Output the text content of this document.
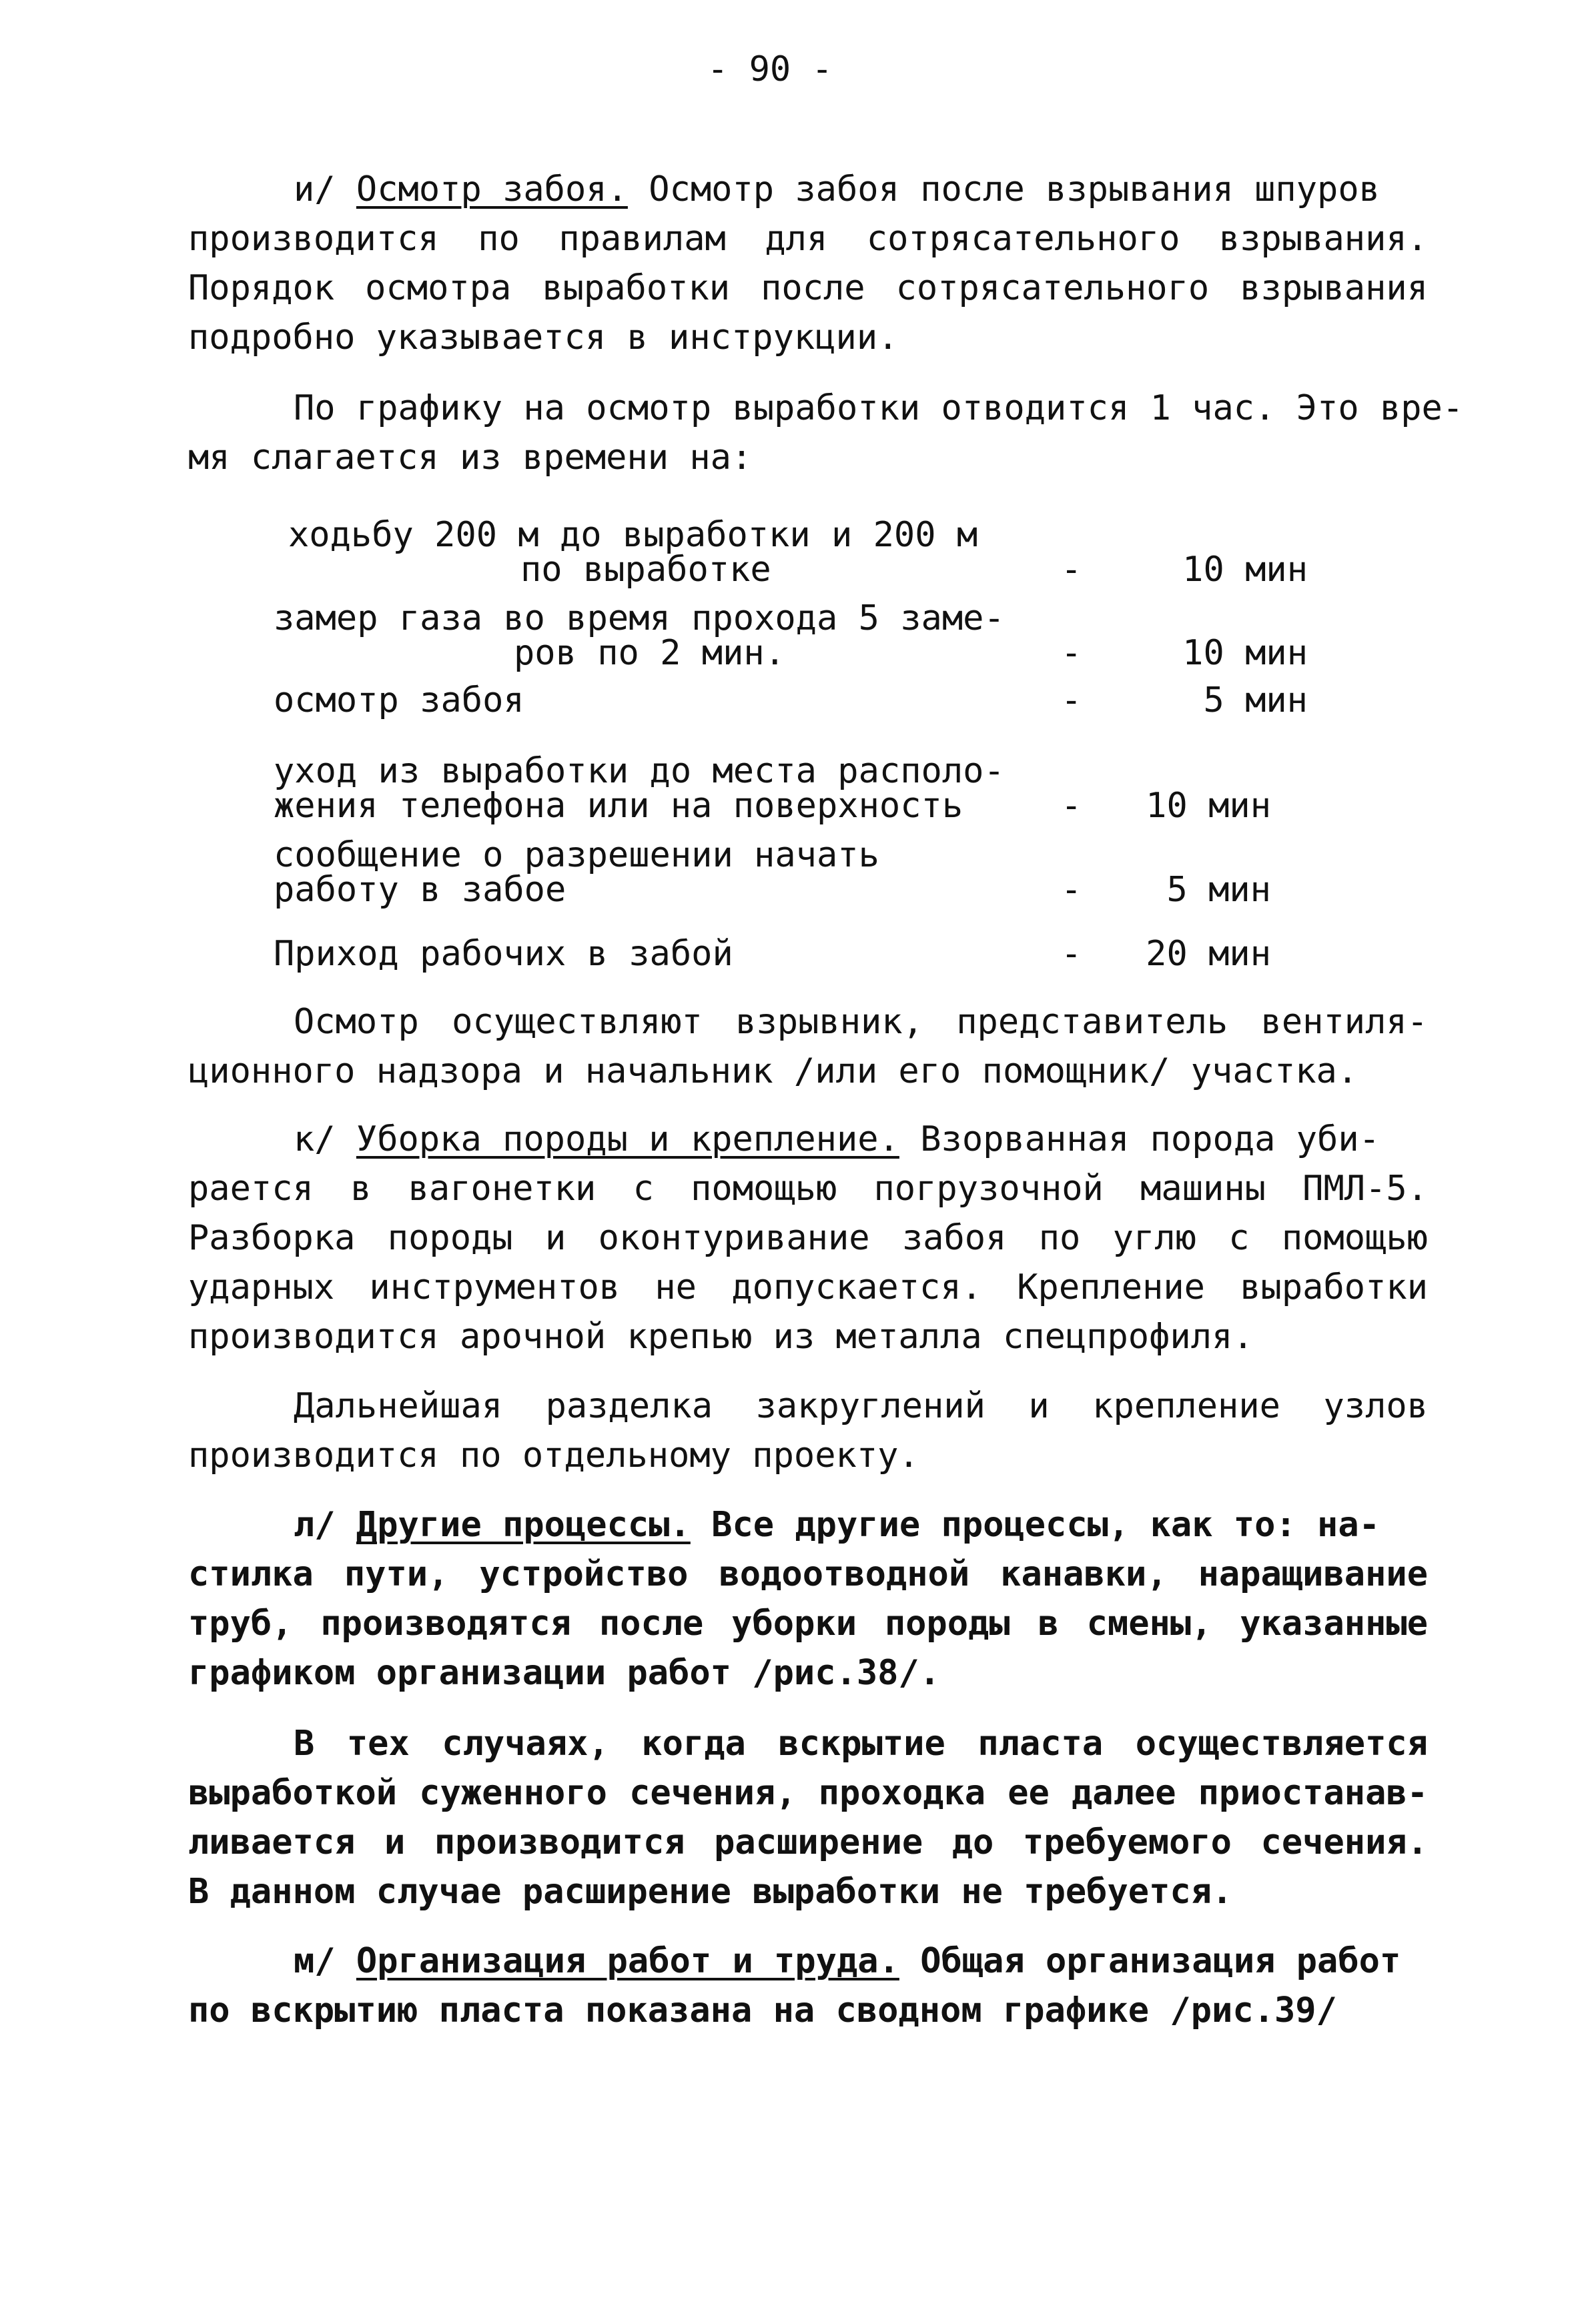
- 90 -
и/ Осмотр забоя. Осмотр забоя после взрывания шпуров
производится по правилам для сотрясательного взрывания.
Порядок осмотра выработки после сотрясательного взрывания
подробно указывается в инструкции.
По графику на осмотр выработки отводится 1 час. Это вре-
мя слагается из времени на:
ходьбу 200 м до выработки и 200 м
по выработке	-	10 мин
замер газа во время прохода 5 заме-
ров по 2 мин.	-	10 мин
осмотр забоя	-	5 мин
уход из выработки до места располо-
жения телефона или на поверхность	-	10 мин
сообщение о разрешении начать
работу в забое	-	5 мин
Приход рабочих в забой	-	20 мин
Осмотр осуществляют взрывник, представитель вентиля-
ционного надзора и начальник /или его помощник/ участка.
к/ Уборка породы и крепление. Взорванная порода уби-
рается в вагонетки с помощью погрузочной машины ПМЛ-5.
Разборка породы и оконтуривание забоя по углю с помощью
ударных инструментов не допускается. Крепление выработки
производится арочной крепью из металла спецпрофиля.
Дальнейшая разделка закруглений и крепление узлов
производится по отдельному проекту.
л/ Другие процессы. Все другие процессы, как то: на-
стилка пути, устройство водоотводной канавки, наращивание
труб, производятся после уборки породы в смены, указанные
графиком организации работ /рис.38/.
В тех случаях, когда вскрытие пласта осуществляется
выработкой суженного сечения, проходка ее далее приостанав-
ливается и производится расширение до требуемого сечения.
В данном случае расширение выработки не требуется.
м/ Организация работ и труда. Общая организация работ
по вскрытию пласта показана на сводном графике /рис.39/
